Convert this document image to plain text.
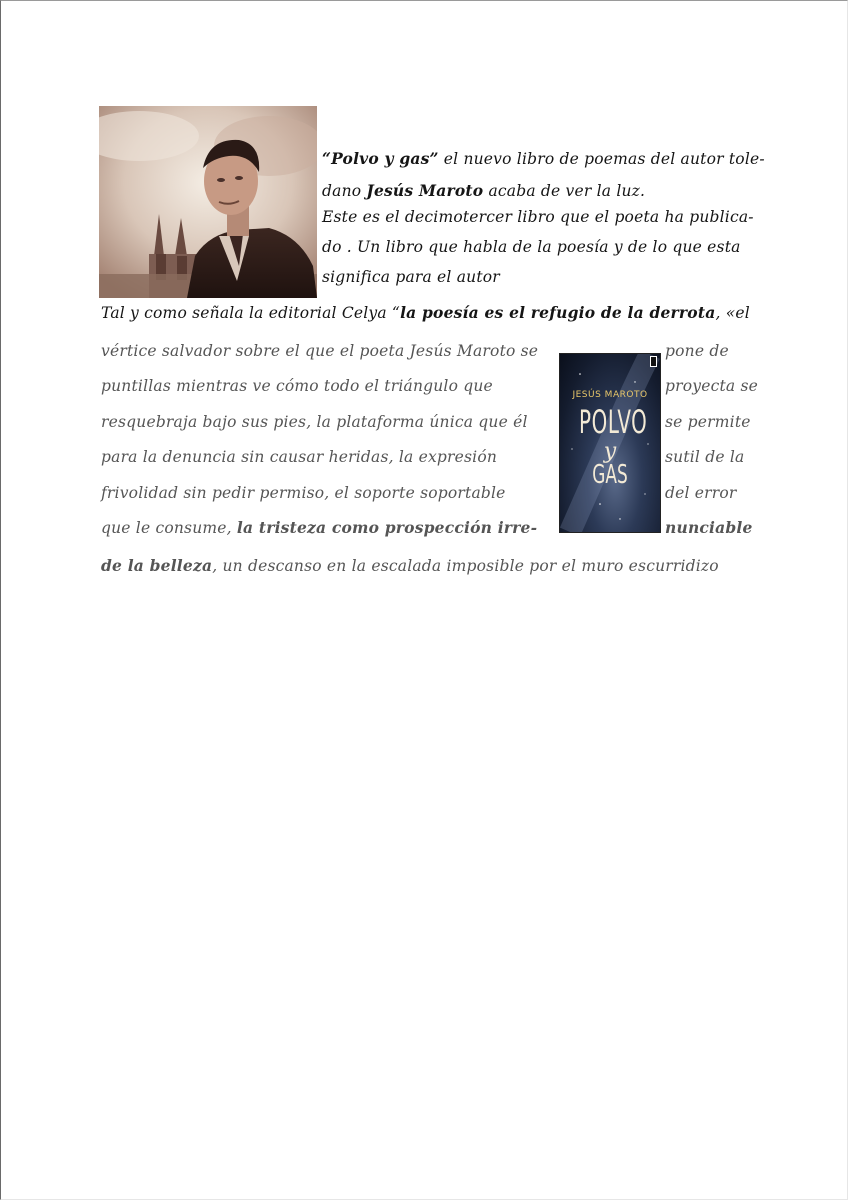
“Polvo y gas” el nuevo libro de poemas del autor tole-
dano Jesús Maroto acaba de ver la luz.
Este es el decimotercer libro que el poeta ha publica-
do . Un libro que habla de la poesía y de lo que esta
significa para el autor
Tal y como señala la editorial Celya “la poesía es el refugio de la derrota, «el
vértice salvador sobre el que el poeta Jesús Maroto se	pone de
puntillas mientras ve cómo todo el triángulo que	proyecta se
resquebraja bajo sus pies, la plataforma única que él	se permite
para la denuncia sin causar heridas, la expresión	sutil de la
frivolidad sin pedir permiso, el soporte soportable	del error
que le consume, la tristeza como prospección irre-	nunciable
de la belleza, un descanso en la escalada imposible por el muro escurridizo
JESÚS MAROTO
POLVO
y
GAS
